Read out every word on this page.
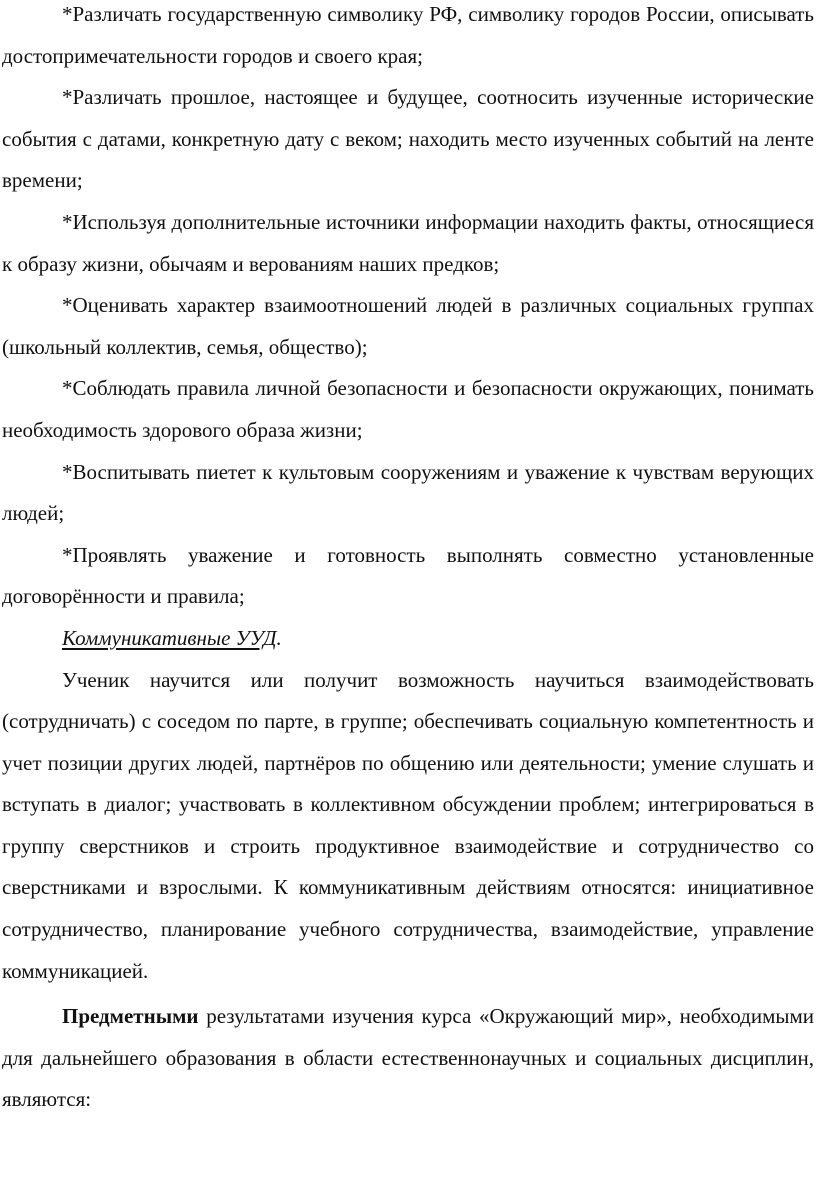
*Различать государственную символику РФ, символику городов России, описывать достопримечательности городов и своего края;

*Различать прошлое, настоящее и будущее, соотносить изученные исторические события с датами, конкретную дату с веком; находить место изученных событий на ленте времени;

*Используя дополнительные источники информации находить факты, относящиеся к образу жизни, обычаям и верованиям наших предков;

*Оценивать характер взаимоотношений людей в различных социальных группах (школьный коллектив, семья, общество);

*Соблюдать правила личной безопасности и безопасности окружающих, понимать необходимость здорового образа жизни;

*Воспитывать пиетет к культовым сооружениям и уважение к чувствам верующих людей;

*Проявлять уважение и готовность выполнять совместно установленные договорённости и правила;

Коммуникативные УУД.

Ученик научится или получит возможность научиться взаимодействовать (сотрудничать) с соседом по парте, в группе; обеспечивать социальную компетентность и учет позиции других людей, партнёров по общению или деятельности; умение слушать и вступать в диалог; участвовать в коллективном обсуждении проблем; интегрироваться в группу сверстников и строить продуктивное взаимодействие и сотрудничество со сверстниками и взрослыми. К коммуникативным действиям относятся: инициативное сотрудничество, планирование учебного сотрудничества, взаимодействие, управление коммуникацией.

Предметными результатами изучения курса «Окружающий мир», необходимыми для дальнейшего образования в области естественнонаучных и социальных дисциплин, являются:
